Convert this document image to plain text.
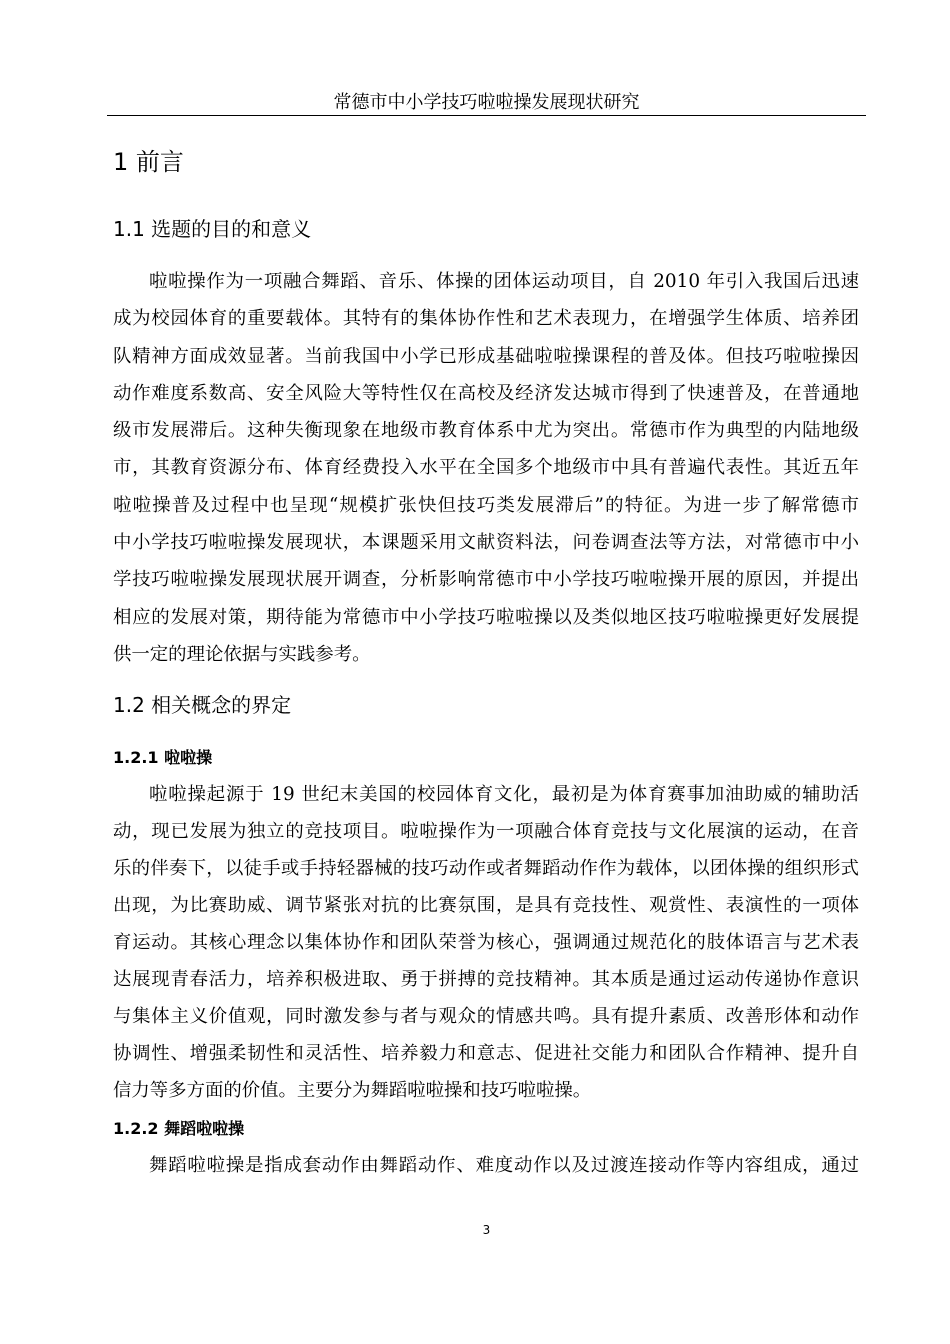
常德市中小学技巧啦啦操发展现状研究
1 前言
1.1 选题的目的和意义
啦啦操作为一项融合舞蹈、音乐、体操的团体运动项目，自 2010 年引入我国后迅速
成为校园体育的重要载体。其特有的集体协作性和艺术表现力，在增强学生体质、培养团
队精神方面成效显著。当前我国中小学已形成基础啦啦操课程的普及体。但技巧啦啦操因
动作难度系数高、安全风险大等特性仅在高校及经济发达城市得到了快速普及，在普通地
级市发展滞后。这种失衡现象在地级市教育体系中尤为突出。常德市作为典型的内陆地级
市，其教育资源分布、体育经费投入水平在全国多个地级市中具有普遍代表性。其近五年
啦啦操普及过程中也呈现“规模扩张快但技巧类发展滞后”的特征。为进一步了解常德市
中小学技巧啦啦操发展现状，本课题采用文献资料法，问卷调查法等方法，对常德市中小
学技巧啦啦操发展现状展开调查，分析影响常德市中小学技巧啦啦操开展的原因，并提出
相应的发展对策，期待能为常德市中小学技巧啦啦操以及类似地区技巧啦啦操更好发展提
供一定的理论依据与实践参考。
1.2 相关概念的界定
1.2.1 啦啦操
啦啦操起源于 19 世纪末美国的校园体育文化，最初是为体育赛事加油助威的辅助活
动，现已发展为独立的竞技项目。啦啦操作为一项融合体育竞技与文化展演的运动，在音
乐的伴奏下，以徒手或手持轻器械的技巧动作或者舞蹈动作作为载体，以团体操的组织形式
出现，为比赛助威、调节紧张对抗的比赛氛围，是具有竞技性、观赏性、表演性的一项体
育运动。其核心理念以集体协作和团队荣誉为核心，强调通过规范化的肢体语言与艺术表
达展现青春活力，培养积极进取、勇于拼搏的竞技精神。其本质是通过运动传递协作意识
与集体主义价值观，同时激发参与者与观众的情感共鸣。具有提升素质、改善形体和动作
协调性、增强柔韧性和灵活性、培养毅力和意志、促进社交能力和团队合作精神、提升自
信力等多方面的价值。主要分为舞蹈啦啦操和技巧啦啦操。
1.2.2 舞蹈啦啦操
舞蹈啦啦操是指成套动作由舞蹈动作、难度动作以及过渡连接动作等内容组成，通过
3
